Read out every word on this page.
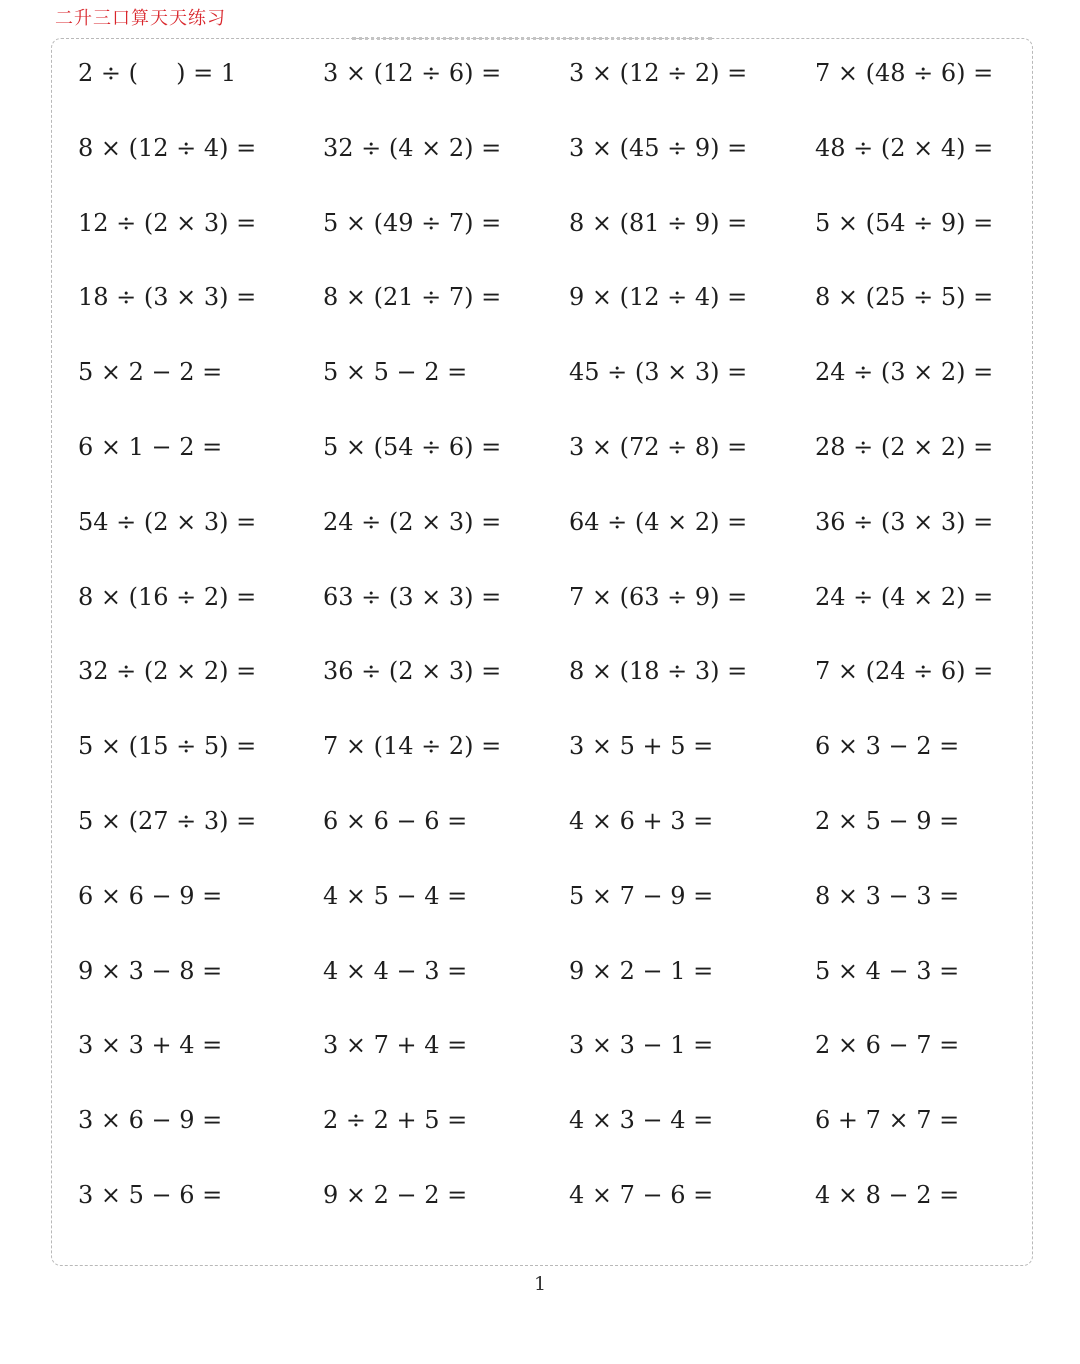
二升三口算天天练习
2 ÷ (     ) = 1	3 × (12 ÷ 6) =	3 × (12 ÷ 2) =	7 × (48 ÷ 6) =
8 × (12 ÷ 4) =	32 ÷ (4 × 2) =	3 × (45 ÷ 9) =	48 ÷ (2 × 4) =
12 ÷ (2 × 3) =	5 × (49 ÷ 7) =	8 × (81 ÷ 9) =	5 × (54 ÷ 9) =
18 ÷ (3 × 3) =	8 × (21 ÷ 7) =	9 × (12 ÷ 4) =	8 × (25 ÷ 5) =
5 × 2 − 2 =	5 × 5 − 2 =	45 ÷ (3 × 3) =	24 ÷ (3 × 2) =
6 × 1 − 2 =	5 × (54 ÷ 6) =	3 × (72 ÷ 8) =	28 ÷ (2 × 2) =
54 ÷ (2 × 3) =	24 ÷ (2 × 3) =	64 ÷ (4 × 2) =	36 ÷ (3 × 3) =
8 × (16 ÷ 2) =	63 ÷ (3 × 3) =	7 × (63 ÷ 9) =	24 ÷ (4 × 2) =
32 ÷ (2 × 2) =	36 ÷ (2 × 3) =	8 × (18 ÷ 3) =	7 × (24 ÷ 6) =
5 × (15 ÷ 5) =	7 × (14 ÷ 2) =	3 × 5 + 5 =	6 × 3 − 2 =
5 × (27 ÷ 3) =	6 × 6 − 6 =	4 × 6 + 3 =	2 × 5 − 9 =
6 × 6 − 9 =	4 × 5 − 4 =	5 × 7 − 9 =	8 × 3 − 3 =
9 × 3 − 8 =	4 × 4 − 3 =	9 × 2 − 1 =	5 × 4 − 3 =
3 × 3 + 4 =	3 × 7 + 4 =	3 × 3 − 1 =	2 × 6 − 7 =
3 × 6 − 9 =	2 ÷ 2 + 5 =	4 × 3 − 4 =	6 + 7 × 7 =
3 × 5 − 6 =	9 × 2 − 2 =	4 × 7 − 6 =	4 × 8 − 2 =
1
